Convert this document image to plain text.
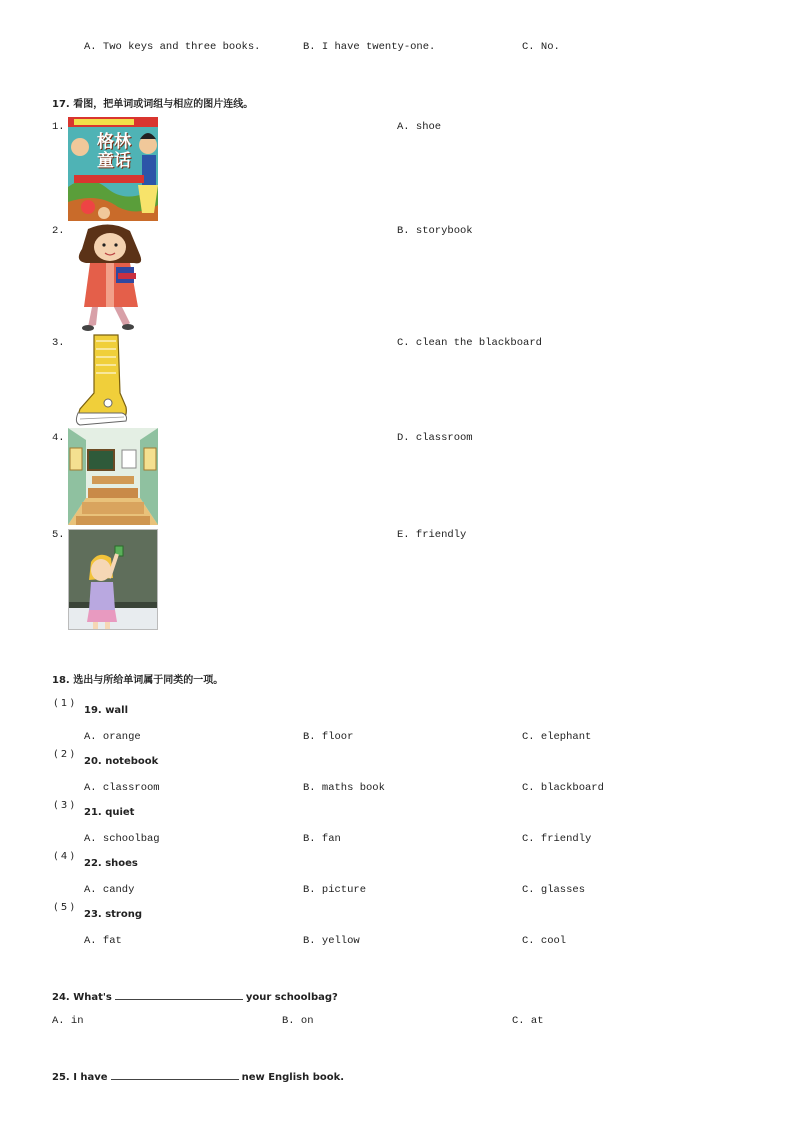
A. Two keys and three books.	B. I have twenty-one.	C. No.
17. 看图，把单词或词组与相应的图片连线。
1.
2.
3.
4.
5.
格林
童话
A. shoe
B. storybook
C. clean the blackboard
D. classroom
E. friendly
18. 选出与所给单词属于同类的一项。
(1)
19. wall
A. orange	B. floor	C. elephant
(2)
20. notebook
A. classroom	B. maths book	C. blackboard
(3)
21. quiet
A. schoolbag	B. fan	C. friendly
(4)
22. shoes
A. candy	B. picture	C. glasses
(5)
23. strong
A. fat	B. yellow	C. cool
24. What's	your schoolbag?
A. in	B. on	C. at
25. I have	new English book.
